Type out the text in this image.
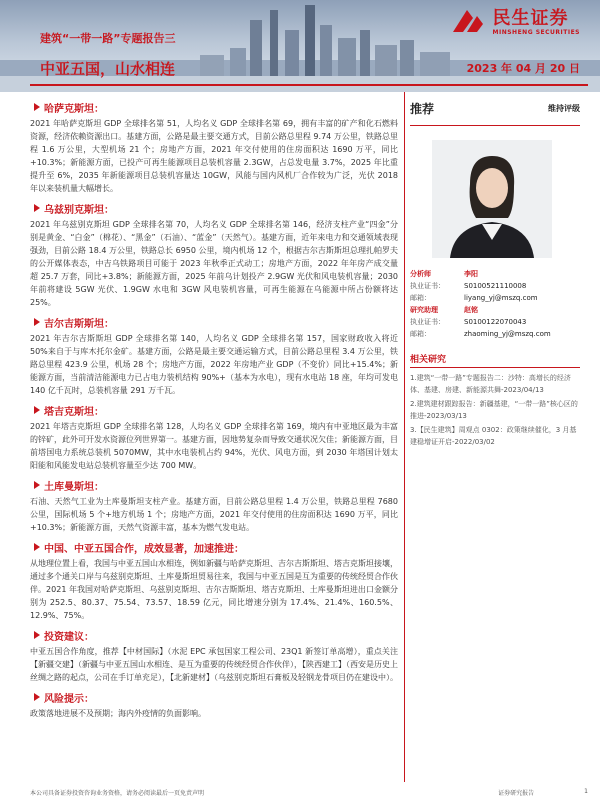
民生证券
MINSHENG SECURITIES
建筑“一带一路”专题报告三
中亚五国，山水相连	2023 年 04 月 20 日
哈萨克斯坦：
2021 年哈萨克斯坦 GDP 全球排名第 51，人均名义 GDP 全球排名第 69，拥有丰富的矿产和化石燃料资源，经济依赖资源出口。基建方面，公路是最主要交通方式，目前公路总里程 9.74 万公里，铁路总里程 1.6 万公里，大型机场 21 个；房地产方面，2021 年交付使用的住房面积达 1690 万平，同比+10.3%；新能源方面，已投产可再生能源项目总装机容量 2.3GW，占总发电量 3.7%，2025 年比重提升至 6%，2035 年新能源项目总装机容量达 10GW，风能与国内风机厂合作较为广泛，光伏 2018 年以来装机量大幅增长。
乌兹别克斯坦：
2021 年乌兹别克斯坦 GDP 全球排名第 70，人均名义 GDP 全球排名第 146，经济支柱产业“四金”分别是黄金、“白金”（棉花）、“黑金”（石油）、“蓝金”（天然气）。基建方面，近年来电力和交通领域表现强劲，目前公路 18.4 万公里，铁路总长 6950 公里，境内机场 12 个，根据吉尔吉斯斯坦总理扎帕罗夫的公开媒体表态，中吉乌铁路项目可能于 2023 年秋季正式动工；房地产方面，2022 年年房产成交量超 25.7 万套，同比+3.8%；新能源方面，2025 年前乌计划投产 2.9GW 光伏和风电装机容量；2030 年前将建设 5GW 光伏、1.9GW 水电和 3GW 风电装机容量，可再生能源在乌能源中所占份额将达 25%。
吉尔吉斯斯坦：
2021 年吉尔吉斯斯坦 GDP 全球排名第 140，人均名义 GDP 全球排名第 157，国家财政收入将近 50%来自于与库木托尔金矿。基建方面，公路是最主要交通运输方式，目前公路总里程 3.4 万公里，铁路总里程 423.9 公里，机场 28 个；房地产方面，2022 年房地产业 GDP（不变价）同比+15.4%；新能源方面，当前清洁能源电力已占电力装机结构 90%+（基本为水电），现有水电站 18 座，年均可发电 140 亿千瓦时，总装机容量 291 万千瓦。
塔吉克斯坦：
2021 年塔吉克斯坦 GDP 全球排名第 128，人均名义 GDP 全球排名第 169，境内有中亚地区最为丰富的锌矿，此外可开发水资源位列世界第一。基建方面，因地势复杂而导致交通状况欠佳；新能源方面，目前塔国电力系统总装机 5070MW，其中水电装机占约 94%，光伏、风电方面，到 2030 年塔国计划太阳能和风能发电站总装机容量至少达 700 MW。
土库曼斯坦：
石油、天然气工业为土库曼斯坦支柱产业。基建方面，目前公路总里程 1.4 万公里，铁路总里程 7680 公里，国际机场 5 个+地方机场 1 个；房地产方面，2021 年交付使用的住房面积达 1690 万平，同比+10.3%；新能源方面，天然气资源丰富，基本为燃气发电站。
中国、中亚五国合作，成效显著，加速推进：
从地理位置上看，我国与中亚五国山水相连，例如新疆与哈萨克斯坦、吉尔吉斯斯坦、塔吉克斯坦接壤，通过多个通关口岸与乌兹别克斯坦、土库曼斯坦贸易往来，我国与中亚五国是互为重要的传统经贸合作伙伴。2021 年我国对哈萨克斯坦、乌兹别克斯坦、吉尔吉斯斯坦、塔吉克斯坦、土库曼斯坦进出口金额分别为 252.5、80.37、75.54、73.57、18.59 亿元，同比增速分别为 17.4%、21.4%、160.5%、12.9%、75%。
投资建议：
中亚五国合作角度，推荐【中材国际】（水泥 EPC 承包国家工程公司、23Q1 新签订单高增），重点关注【新疆交建】（新疆与中亚五国山水相连、是互为重要的传统经贸合作伙伴），【陕西建工】（西安是历史上丝绸之路的起点，公司在手订单充足），【北新建材】（乌兹别克斯坦石膏板及轻钢龙骨项目仍在建设中）。
风险提示：
政策落地进展不及预期；海内外疫情的负面影响。
推荐	维持评级
分析师	李阳
执业证书：	S0100521110008
邮箱：	liyang_yj@mszq.com
研究助理	赵铭
执业证书：	S0100122070043
邮箱：	zhaoming_yj@mszq.com
相关研究
1.建筑“一带一路”专题报告二：沙特：高增长的经济体、基建、房建、新能源共舞-2023/04/13
2.建筑建材跟踪报告：新疆基建，“一带一路”核心区的推进-2023/03/13
3.【民生建筑】周观点 0302：政策继续催化，3 月基建稳增证开启-2022/03/02
本公司具备证券投资咨询业务资格，请务必阅读最后一页免责声明	证券研究报告	1
